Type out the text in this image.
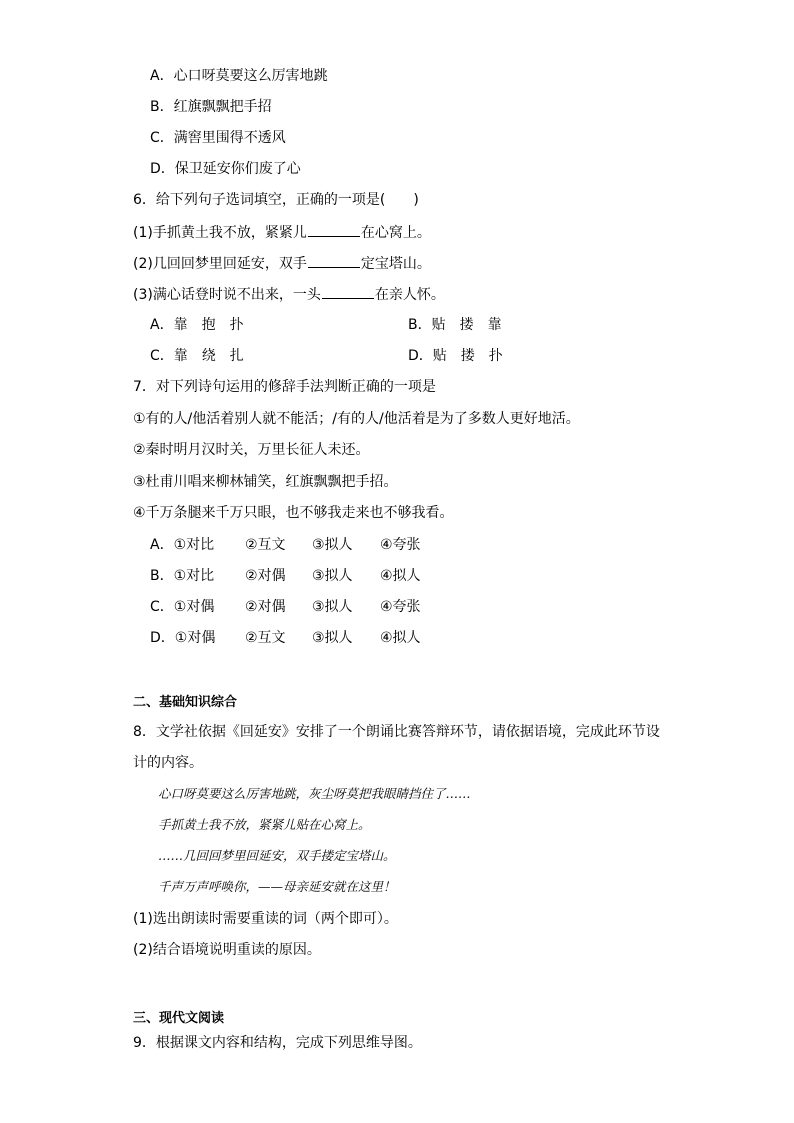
A．心口呀莫要这么厉害地跳
B．红旗飘飘把手招
C．满窖里围得不透风
D．保卫延安你们废了心
6．给下列句子选词填空，正确的一项是(　　)
(1)手抓黄土我不放，紧紧儿	在心窝上。
(2)几回回梦里回延安，双手	定宝塔山。
(3)满心话登时说不出来，一头	在亲人怀。
A．靠　抱　扑	B．贴　搂　靠
C．靠　绕　扎	D．贴　搂　扑
7．对下列诗句运用的修辞手法判断正确的一项是
①有的人/他活着别人就不能活；/有的人/他活着是为了多数人更好地活。
②秦时明月汉时关，万里长征人未还。
③杜甫川唱来柳林铺笑，红旗飘飘把手招。
④千万条腿来千万只眼，也不够我走来也不够我看。
A．①对比 ②互文 ③拟人 ④夸张
B．①对比 ②对偶 ③拟人 ④拟人
C．①对偶 ②对偶 ③拟人 ④夸张
D．①对偶 ②互文 ③拟人 ④拟人
二、基础知识综合
8．文学社依据《回延安》安排了一个朗诵比赛答辩环节，请依据语境，完成此环节设
计的内容。
心口呀莫要这么厉害地跳，灰尘呀莫把我眼睛挡住了……
手抓黄土我不放，紧紧儿贴在心窝上。
……几回回梦里回延安，双手搂定宝塔山。
千声万声呼唤你，——母亲延安就在这里！
(1)选出朗读时需要重读的词（两个即可）。
(2)结合语境说明重读的原因。
三、现代文阅读
9．根据课文内容和结构，完成下列思维导图。
